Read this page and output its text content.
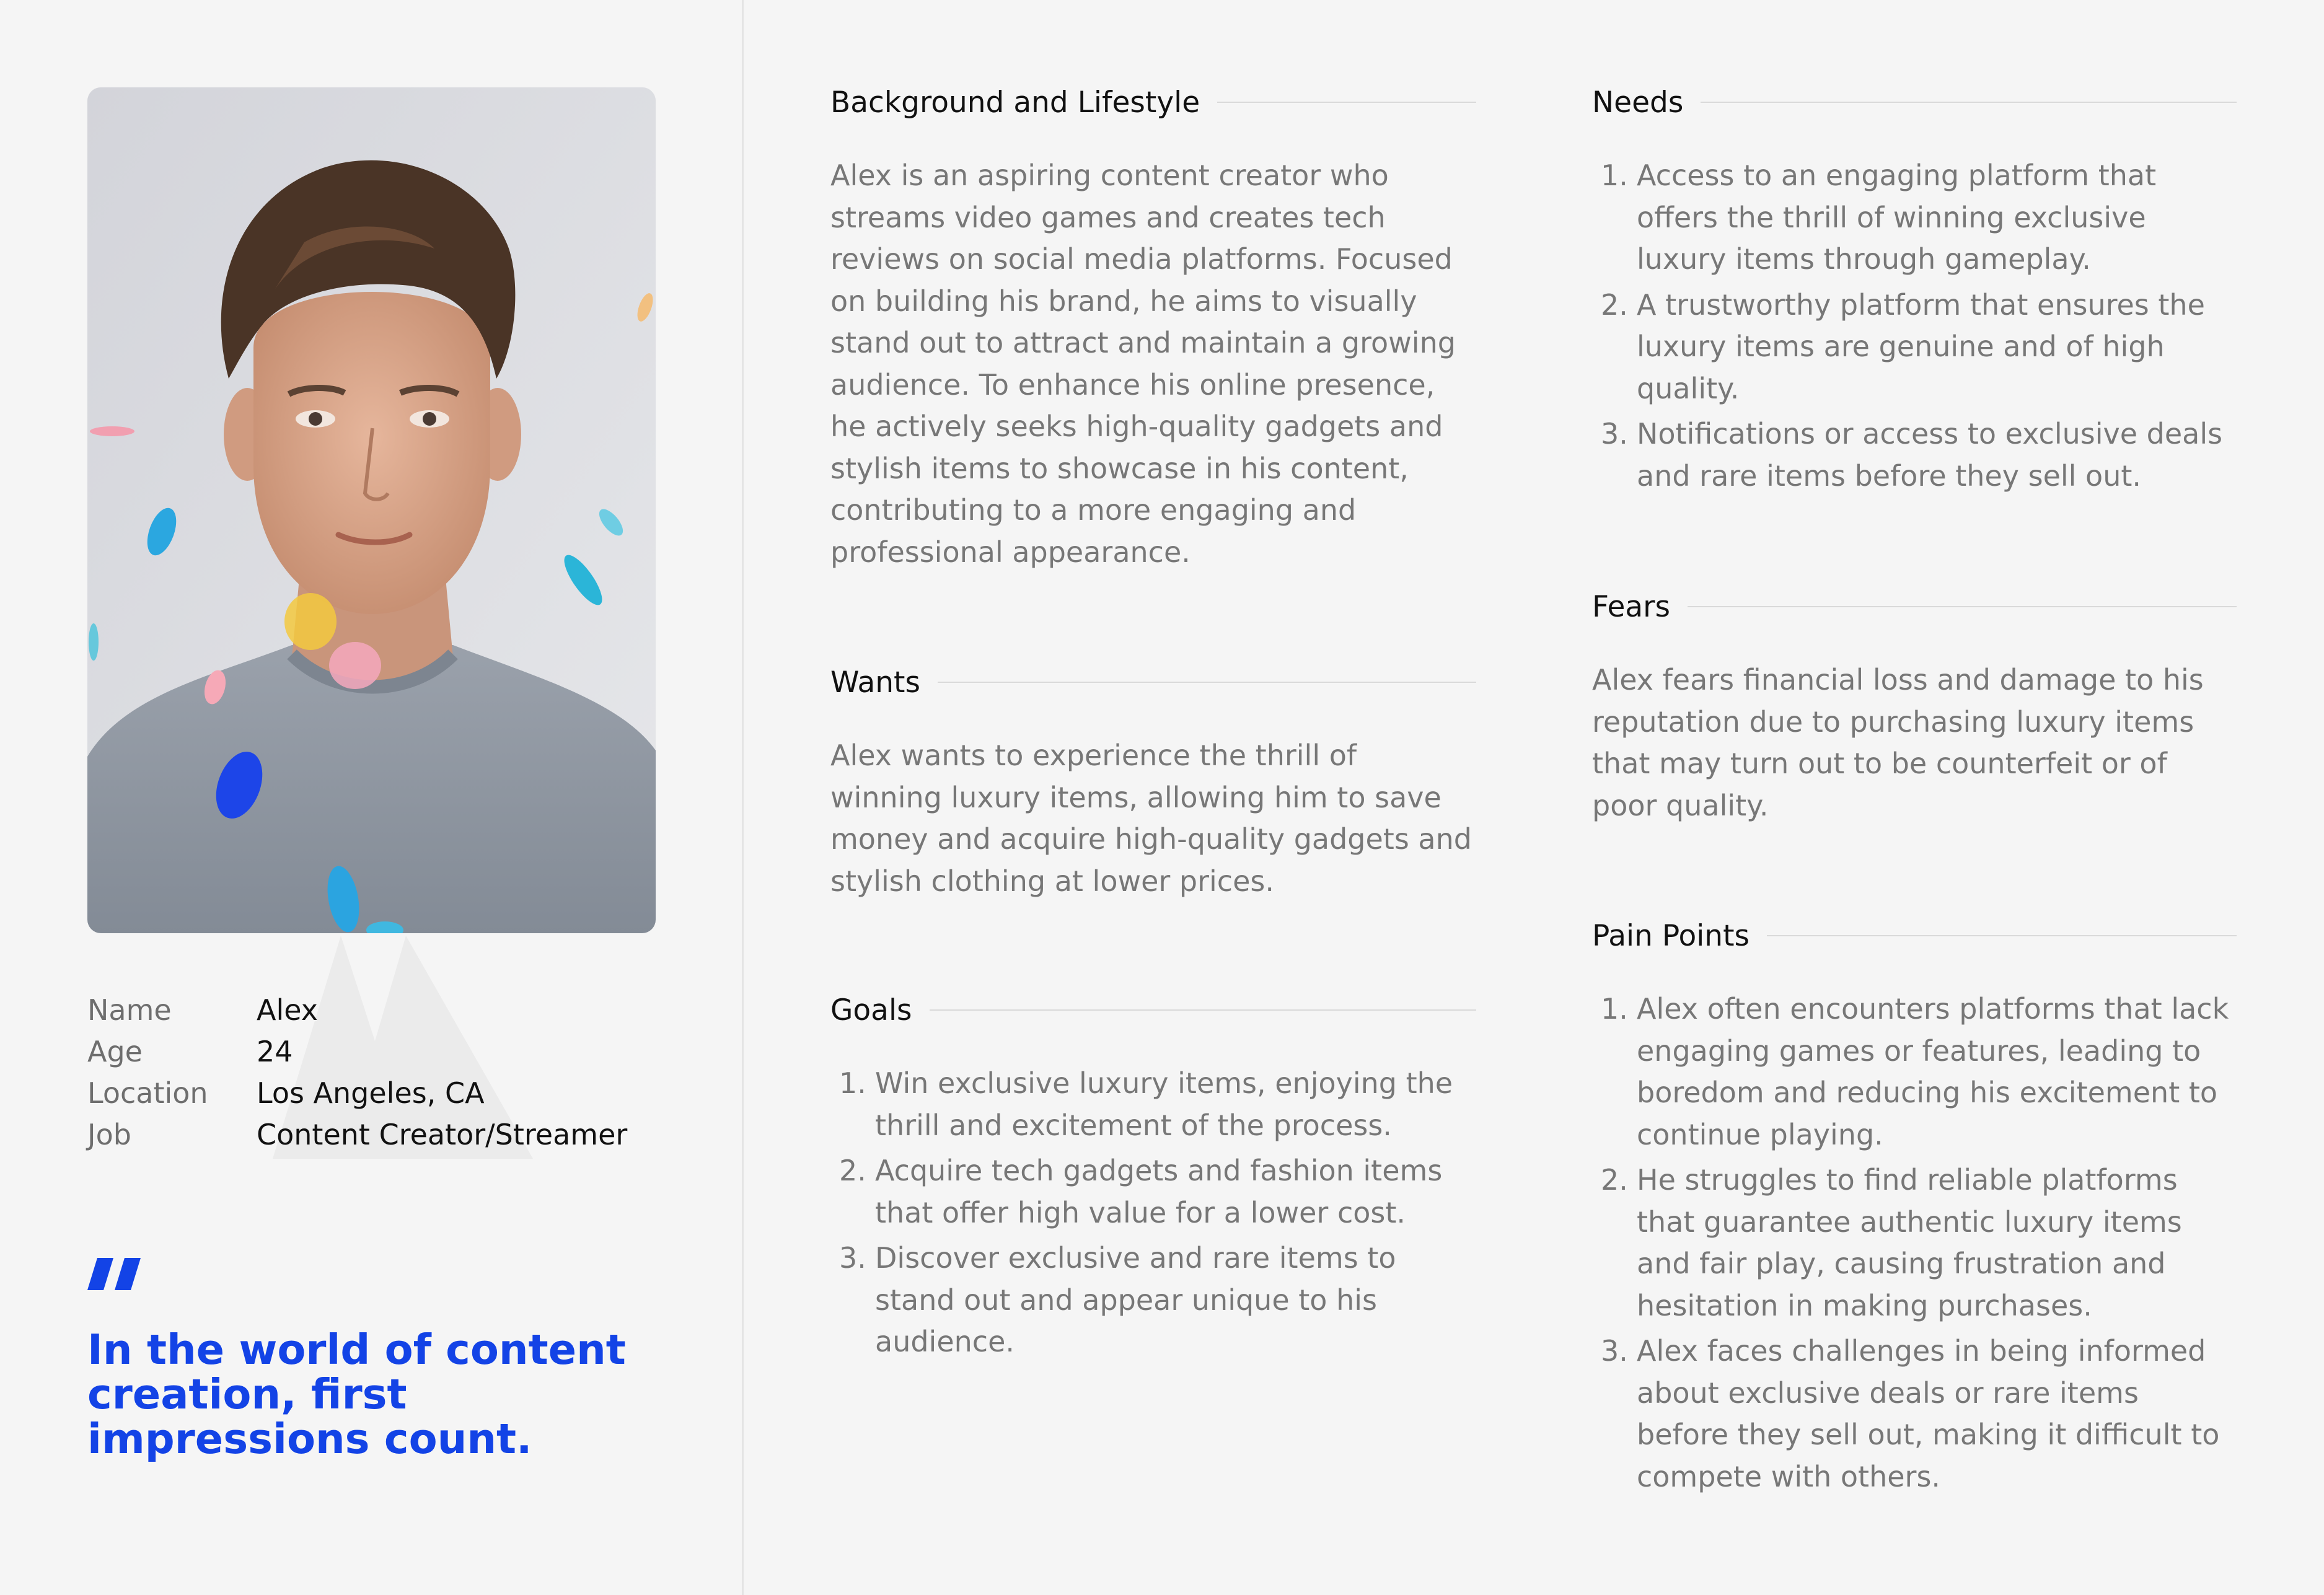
Name	Alex
Age	24
Location	Los Angeles, CA
Job	Content Creator/Streamer
In the world of content creation, first impressions count.
Background and Lifestyle
Alex is an aspiring content creator who streams video games and creates tech reviews on social media platforms. Focused on building his brand, he aims to visually stand out to attract and maintain a growing audience. To enhance his online presence, he actively seeks high-quality gadgets and stylish items to showcase in his content, contributing to a more engaging and professional appearance.
Wants
Alex wants to experience the thrill of winning luxury items, allowing him to save money and acquire high-quality gadgets and stylish clothing at lower prices.
Goals
1. Win exclusive luxury items, enjoying the thrill and excitement of the process.
2. Acquire tech gadgets and fashion items that offer high value for a lower cost.
3. Discover exclusive and rare items to stand out and appear unique to his audience.
Needs
1. Access to an engaging platform that offers the thrill of winning exclusive luxury items through gameplay.
2. A trustworthy platform that ensures the luxury items are genuine and of high quality.
3. Notifications or access to exclusive deals and rare items before they sell out.
Fears
Alex fears financial loss and damage to his reputation due to purchasing luxury items that may turn out to be counterfeit or of poor quality.
Pain Points
1. Alex often encounters platforms that lack engaging games or features, leading to boredom and reducing his excitement to continue playing.
2. He struggles to find reliable platforms that guarantee authentic luxury items and fair play, causing frustration and hesitation in making purchases.
3. Alex faces challenges in being informed about exclusive deals or rare items before they sell out, making it difficult to compete with others.
